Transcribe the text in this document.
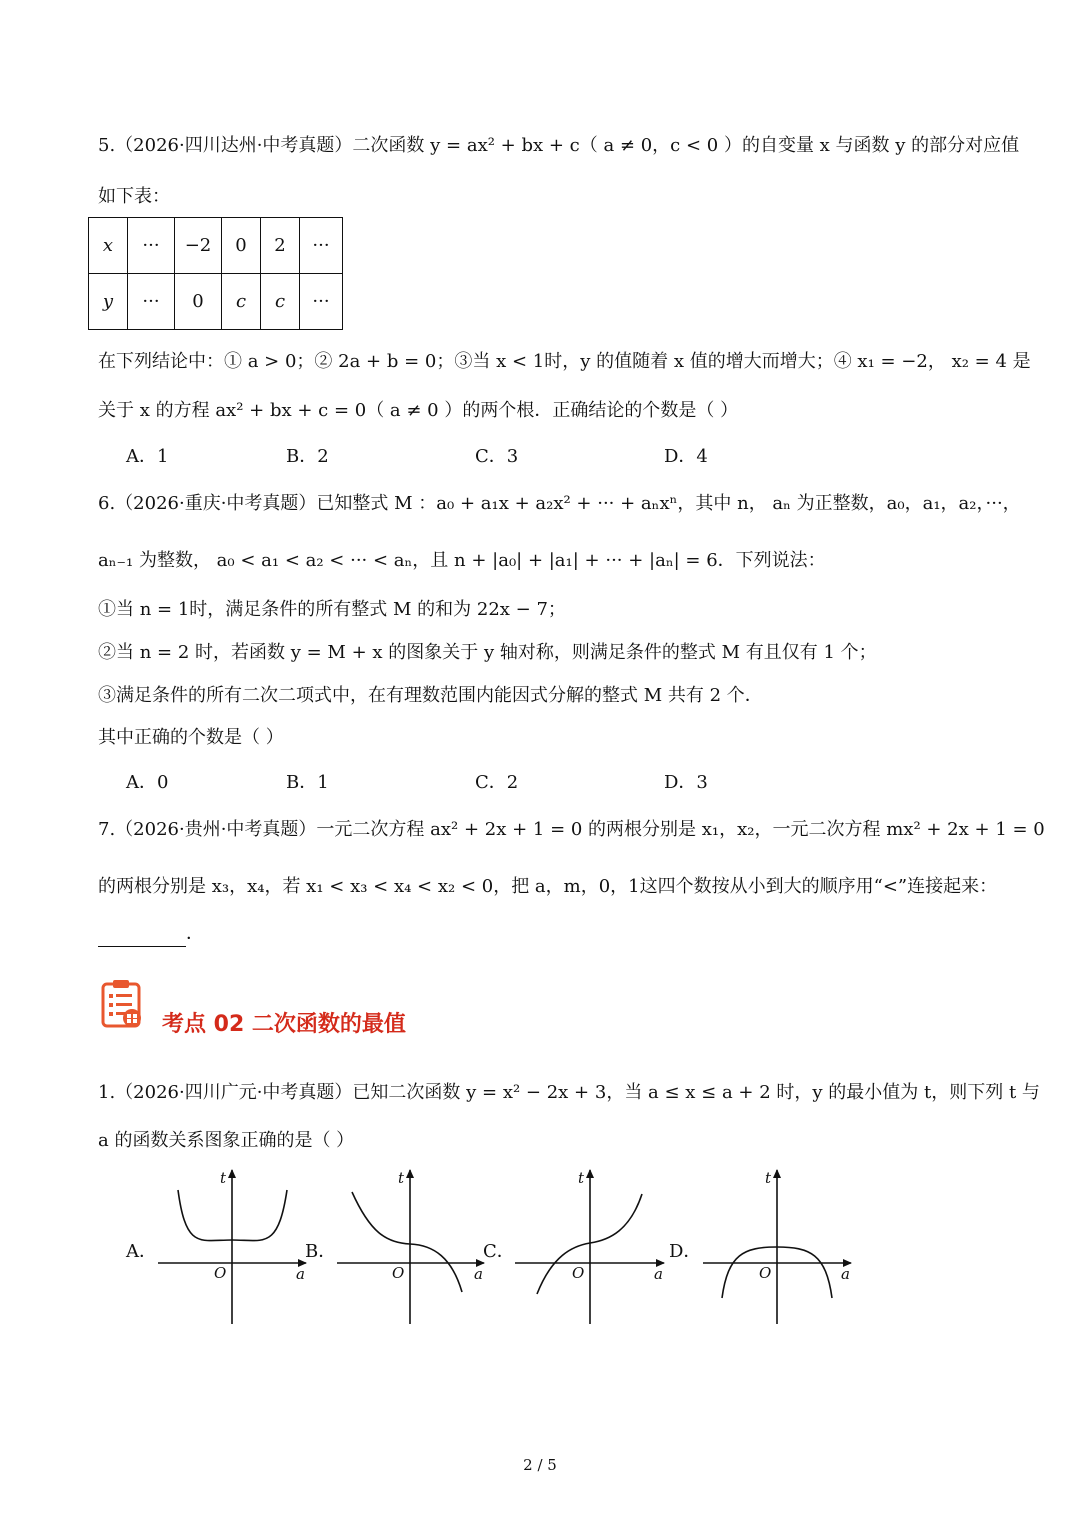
5.（2026·四川达州·中考真题）二次函数 y = ax² + bx + c（ a ≠ 0，c < 0 ）的自变量 x 与函数 y 的部分对应值
如下表：
x	···	−2	0	2	···
y	···	0	c	c	···
在下列结论中：① a > 0；② 2a + b = 0；③当 x < 1时，y 的值随着 x 值的增大而增大；④ x₁ = −2， x₂ = 4 是
关于 x 的方程 ax² + bx + c = 0（ a ≠ 0 ）的两个根．正确结论的个数是（ ）
A．1	B．2	C．3	D．4
6.（2026·重庆·中考真题）已知整式 M ：a₀ + a₁x + a₂x² + ··· + aₙxⁿ，其中 n， aₙ 为正整数，a₀，a₁，a₂，···，
aₙ₋₁ 为整数， a₀ < a₁ < a₂ < ··· < aₙ，且 n + |a₀| + |a₁| + ··· + |aₙ| = 6．下列说法：
①当 n = 1时，满足条件的所有整式 M 的和为 22x − 7；
②当 n = 2 时，若函数 y = M + x 的图象关于 y 轴对称，则满足条件的整式 M 有且仅有 1 个；
③满足条件的所有二次二项式中，在有理数范围内能因式分解的整式 M 共有 2 个．
其中正确的个数是（ ）
A．0	B．1	C．2	D．3
7.（2026·贵州·中考真题）一元二次方程 ax² + 2x + 1 = 0 的两根分别是 x₁，x₂，一元二次方程 mx² + 2x + 1 = 0
的两根分别是 x₃，x₄，若 x₁ < x₃ < x₄ < x₂ < 0，把 a，m，0，1这四个数按从小到大的顺序用“<”连接起来：
．
考点 02 二次函数的最值
1.（2026·四川广元·中考真题）已知二次函数 y = x² − 2x + 3，当 a ≤ x ≤ a + 2 时，y 的最小值为 t，则下列 t 与
a 的函数关系图象正确的是（ ）
A．	B．	C．	D．
t
a
O
t
a
O
t
a
O
t
a
O
2 / 5
